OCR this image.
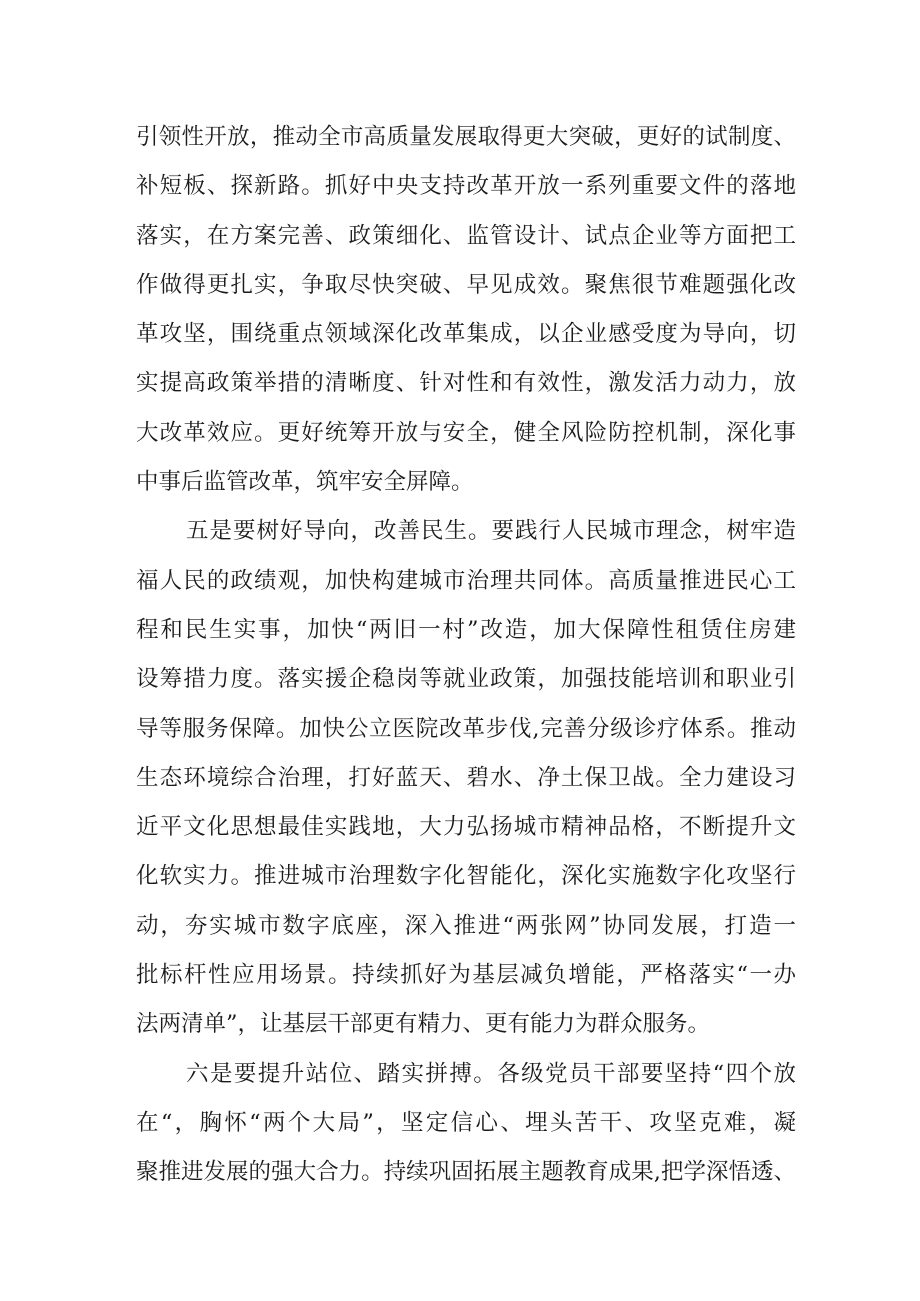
引领性开放，推动全市高质量发展取得更大突破，更好的试制度、
补短板、探新路。抓好中央支持改革开放一系列重要文件的落地
落实，在方案完善、政策细化、监管设计、试点企业等方面把工
作做得更扎实，争取尽快突破、早见成效。聚焦很节难题强化改
革攻坚，围绕重点领域深化改革集成，以企业感受度为导向，切
实提高政策举措的清晰度、针对性和有效性，激发活力动力，放
大改革效应。更好统筹开放与安全，健全风险防控机制，深化事
中事后监管改革，筑牢安全屏障。
五是要树好导向，改善民生。要践行人民城市理念，树牢造
福人民的政绩观，加快构建城市治理共同体。高质量推进民心工
程和民生实事，加快“两旧一村”改造，加大保障性租赁住房建
设筹措力度。落实援企稳岗等就业政策，加强技能培训和职业引
导等服务保障。加快公立医院改革步伐,完善分级诊疗体系。推动
生态环境综合治理，打好蓝天、碧水、净土保卫战。全力建设习
近平文化思想最佳实践地，大力弘扬城市精神品格，不断提升文
化软实力。推进城市治理数字化智能化，深化实施数字化攻坚行
动，夯实城市数字底座，深入推进“两张网”协同发展，打造一
批标杆性应用场景。持续抓好为基层减负增能，严格落实“一办
法两清单”，让基层干部更有精力、更有能力为群众服务。
六是要提升站位、踏实拼搏。各级党员干部要坚持“四个放
在“，胸怀“两个大局”，坚定信心、埋头苦干、攻坚克难，凝
聚推进发展的强大合力。持续巩固拓展主题教育成果,把学深悟透、
